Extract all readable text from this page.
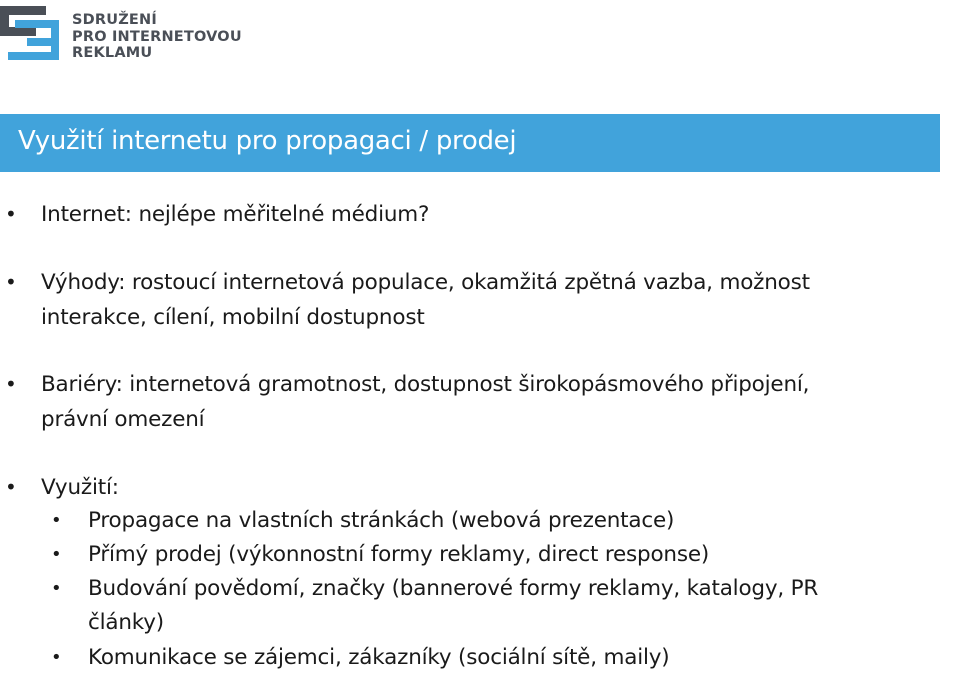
SDRUŽENÍ
PRO INTERNETOVOU
REKLAMU
Využití internetu pro propagaci / prodej
• Internet: nejlépe měřitelné médium?
• Výhody: rostoucí internetová populace, okamžitá zpětná vazba, možnost
interakce, cílení, mobilní dostupnost
• Bariéry: internetová gramotnost, dostupnost širokopásmového připojení,
právní omezení
• Využití:
• Propagace na vlastních stránkách (webová prezentace)
• Přímý prodej (výkonnostní formy reklamy, direct response)
• Budování povědomí, značky (bannerové formy reklamy, katalogy, PR
články)
• Komunikace se zájemci, zákazníky (sociální sítě, maily)
